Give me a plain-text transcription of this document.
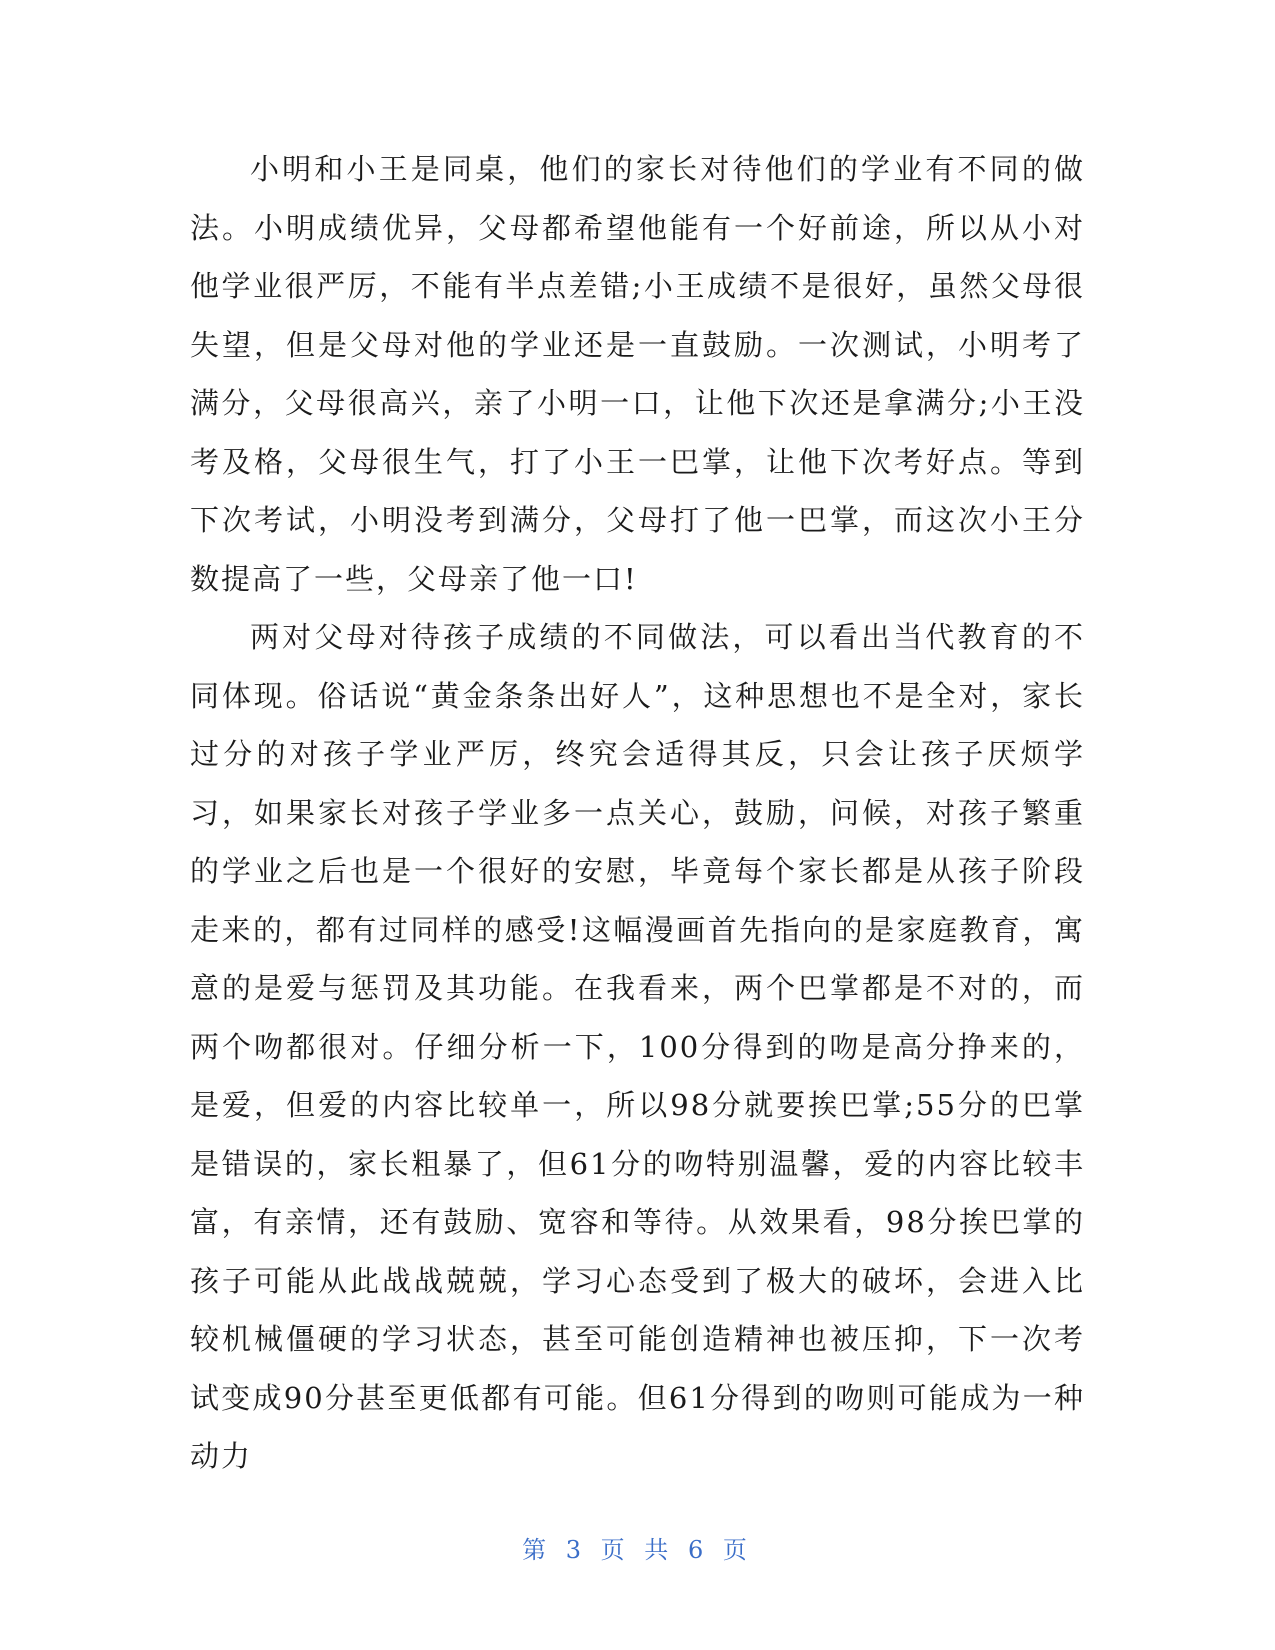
小明和小王是同桌，他们的家长对待他们的学业有不同的做法。小明成绩优异，父母都希望他能有一个好前途，所以从小对他学业很严厉，不能有半点差错;小王成绩不是很好，虽然父母很失望，但是父母对他的学业还是一直鼓励。一次测试，小明考了满分，父母很高兴，亲了小明一口，让他下次还是拿满分;小王没考及格，父母很生气，打了小王一巴掌，让他下次考好点。等到下次考试，小明没考到满分，父母打了他一巴掌，而这次小王分数提高了一些，父母亲了他一口!

两对父母对待孩子成绩的不同做法，可以看出当代教育的不同体现。俗话说“黄金条条出好人”，这种思想也不是全对，家长过分的对孩子学业严厉，终究会适得其反，只会让孩子厌烦学习，如果家长对孩子学业多一点关心，鼓励，问候，对孩子繁重的学业之后也是一个很好的安慰，毕竟每个家长都是从孩子阶段走来的，都有过同样的感受!这幅漫画首先指向的是家庭教育，寓意的是爱与惩罚及其功能。在我看来，两个巴掌都是不对的，而两个吻都很对。仔细分析一下，100分得到的吻是高分挣来的，是爱，但爱的内容比较单一，所以98分就要挨巴掌;55分的巴掌是错误的，家长粗暴了，但61分的吻特别温馨，爱的内容比较丰富，有亲情，还有鼓励、宽容和等待。从效果看，98分挨巴掌的孩子可能从此战战兢兢，学习心态受到了极大的破坏，会进入比较机械僵硬的学习状态，甚至可能创造精神也被压抑，下一次考试变成90分甚至更低都有可能。但61分得到的吻则可能成为一种动力

第 3 页 共 6 页
